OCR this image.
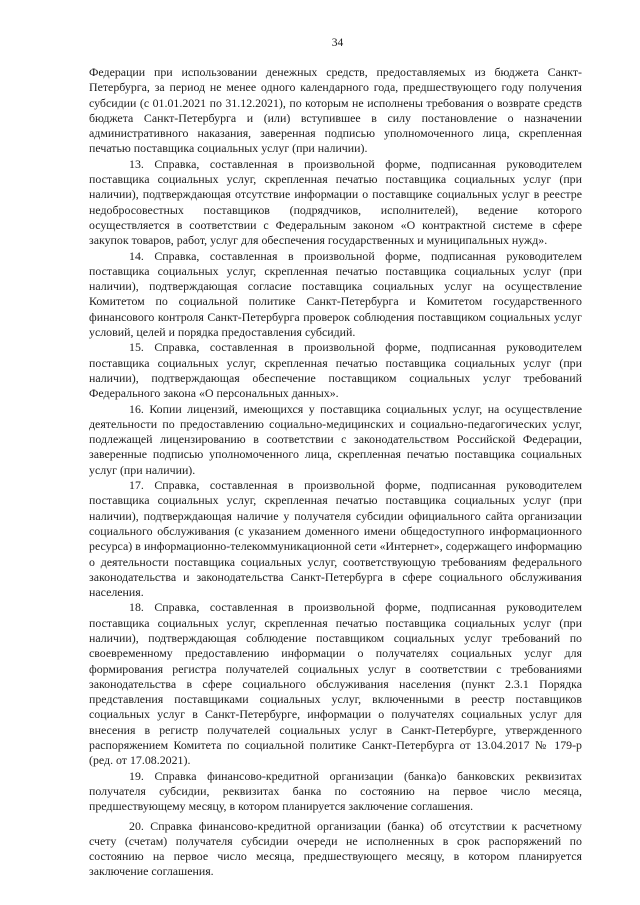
34

Федерации при использовании денежных средств, предоставляемых из бюджета Санкт-Петербурга, за период не менее одного календарного года, предшествующего году получения субсидии (с 01.01.2021 по 31.12.2021), по которым не исполнены требования о возврате средств бюджета Санкт-Петербурга и (или) вступившее в силу постановление о назначении административного наказания, заверенная подписью уполномоченного лица, скрепленная печатью поставщика социальных услуг (при наличии).

13. Справка, составленная в произвольной форме, подписанная руководителем поставщика социальных услуг, скрепленная печатью поставщика социальных услуг (при наличии), подтверждающая отсутствие информации о поставщике социальных услуг в реестре недобросовестных поставщиков (подрядчиков, исполнителей), ведение которого осуществляется в соответствии с Федеральным законом «О контрактной системе в сфере закупок товаров, работ, услуг для обеспечения государственных и муниципальных нужд».

14. Справка, составленная в произвольной форме, подписанная руководителем поставщика социальных услуг, скрепленная печатью поставщика социальных услуг (при наличии), подтверждающая согласие поставщика социальных услуг на осуществление Комитетом по социальной политике Санкт-Петербурга и Комитетом государственного финансового контроля Санкт-Петербурга проверок соблюдения поставщиком социальных услуг условий, целей и порядка предоставления субсидий.

15. Справка, составленная в произвольной форме, подписанная руководителем поставщика социальных услуг, скрепленная печатью поставщика социальных услуг (при наличии), подтверждающая обеспечение поставщиком социальных услуг требований Федерального закона «О персональных данных».

16. Копии лицензий, имеющихся у поставщика социальных услуг, на осуществление деятельности по предоставлению социально-медицинских и социально-педагогических услуг, подлежащей лицензированию в соответствии с законодательством Российской Федерации, заверенные подписью уполномоченного лица, скрепленная печатью поставщика социальных услуг (при наличии).

17. Справка, составленная в произвольной форме, подписанная руководителем поставщика социальных услуг, скрепленная печатью поставщика социальных услуг (при наличии), подтверждающая наличие у получателя субсидии официального сайта организации социального обслуживания (с указанием доменного имени общедоступного информационного ресурса) в информационно-телекоммуникационной сети «Интернет», содержащего информацию о деятельности поставщика социальных услуг, соответствующую требованиям федерального законодательства и законодательства Санкт-Петербурга в сфере социального обслуживания населения.

18. Справка, составленная в произвольной форме, подписанная руководителем поставщика социальных услуг, скрепленная печатью поставщика социальных услуг (при наличии), подтверждающая соблюдение поставщиком социальных услуг требований по своевременному предоставлению информации о получателях социальных услуг для формирования регистра получателей социальных услуг в соответствии с требованиями законодательства в сфере социального обслуживания населения (пункт 2.3.1 Порядка представления поставщиками социальных услуг, включенными в реестр поставщиков социальных услуг в Санкт-Петербурге, информации о получателях социальных услуг для внесения в регистр получателей социальных услуг в Санкт-Петербурге, утвержденного распоряжением Комитета по социальной политике Санкт-Петербурга от 13.04.2017 № 179-р (ред. от 17.08.2021).

19. Справка финансово-кредитной организации (банка)о банковских реквизитах получателя субсидии, реквизитах банка по состоянию на первое число месяца, предшествующему месяцу, в котором планируется заключение соглашения.

20. Справка финансово-кредитной организации (банка) об отсутствии к расчетному счету (счетам) получателя субсидии очереди не исполненных в срок распоряжений по состоянию на первое число месяца, предшествующего месяцу, в котором планируется заключение соглашения.
